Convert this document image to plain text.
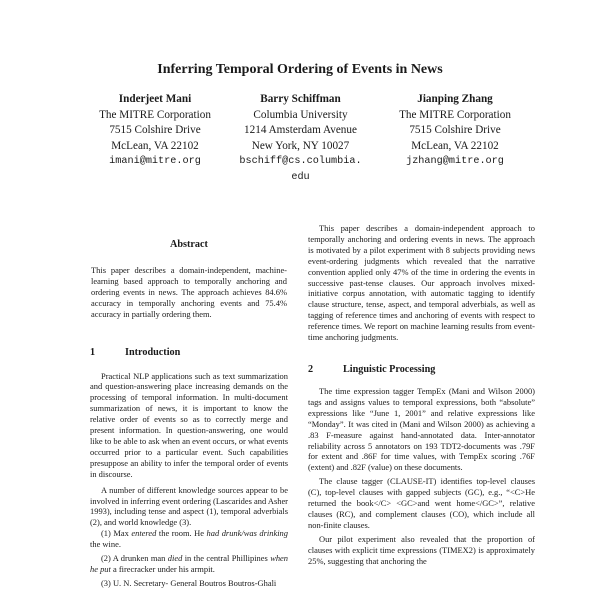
Inferring Temporal Ordering of Events in News
Inderjeet Mani
The MITRE Corporation
7515 Colshire Drive
McLean, VA 22102
imani@mitre.org
Barry Schiffman
Columbia University
1214 Amsterdam Avenue
New York, NY 10027
bschiff@cs.columbia.
edu
Jianping Zhang
The MITRE Corporation
7515 Colshire Drive
McLean, VA 22102
jzhang@mitre.org
Abstract

This paper describes a domain-independent, machine-learning based approach to temporally anchoring and ordering events in news. The approach achieves 84.6% accuracy in temporally anchoring events and 75.4% accuracy in partially ordering them.

1	Introduction

Practical NLP applications such as text summarization and question-answering place increasing demands on the processing of temporal information. In multi-document summarization of news, it is important to know the relative order of events so as to correctly merge and present information. In question-answering, one would like to be able to ask when an event occurs, or what events occurred prior to a particular event. Such capabilities presuppose an ability to infer the temporal order of events in discourse.

A number of different knowledge sources appear to be involved in inferring event ordering (Lascarides and Asher 1993), including tense and aspect (1), temporal adverbials (2), and world knowledge (3).

(1) Max entered the room. He had drunk/was drinking the wine.

(2) A drunken man died in the central Phillipines when he put a firecracker under his armpit.

(3) U. N. Secretary- General Boutros Boutros-Ghali

This paper describes a domain-independent approach to temporally anchoring and ordering events in news. The approach is motivated by a pilot experiment with 8 subjects providing news event-ordering judgments which revealed that the narrative convention applied only 47% of the time in ordering the events in successive past-tense clauses. Our approach involves mixed-initiative corpus annotation, with automatic tagging to identify clause structure, tense, aspect, and temporal adverbials, as well as tagging of reference times and anchoring of events with respect to reference times. We report on machine learning results from event-time anchoring judgments.

2	Linguistic Processing

The time expression tagger TempEx (Mani and Wilson 2000) tags and assigns values to temporal expressions, both “absolute” expressions like “June 1, 2001” and relative expressions like “Monday”. It was cited in (Mani and Wilson 2000) as achieving a .83 F-measure against hand-annotated data. Inter-annotator reliability across 5 annotators on 193 TDT2-documents was .79F for extent and .86F for time values, with TempEx scoring .76F (extent) and .82F (value) on these documents.

The clause tagger (CLAUSE-IT) identifies top-level clauses (C), top-level clauses with gapped subjects (GC), e.g., “<C>He returned the book</C> <GC>and went home</GC>”, relative clauses (RC), and complement clauses (CO), which include all non-finite clauses.

Our pilot experiment also revealed that the proportion of clauses with explicit time expressions (TIMEX2) is approximately 25%, suggesting that anchoring the
